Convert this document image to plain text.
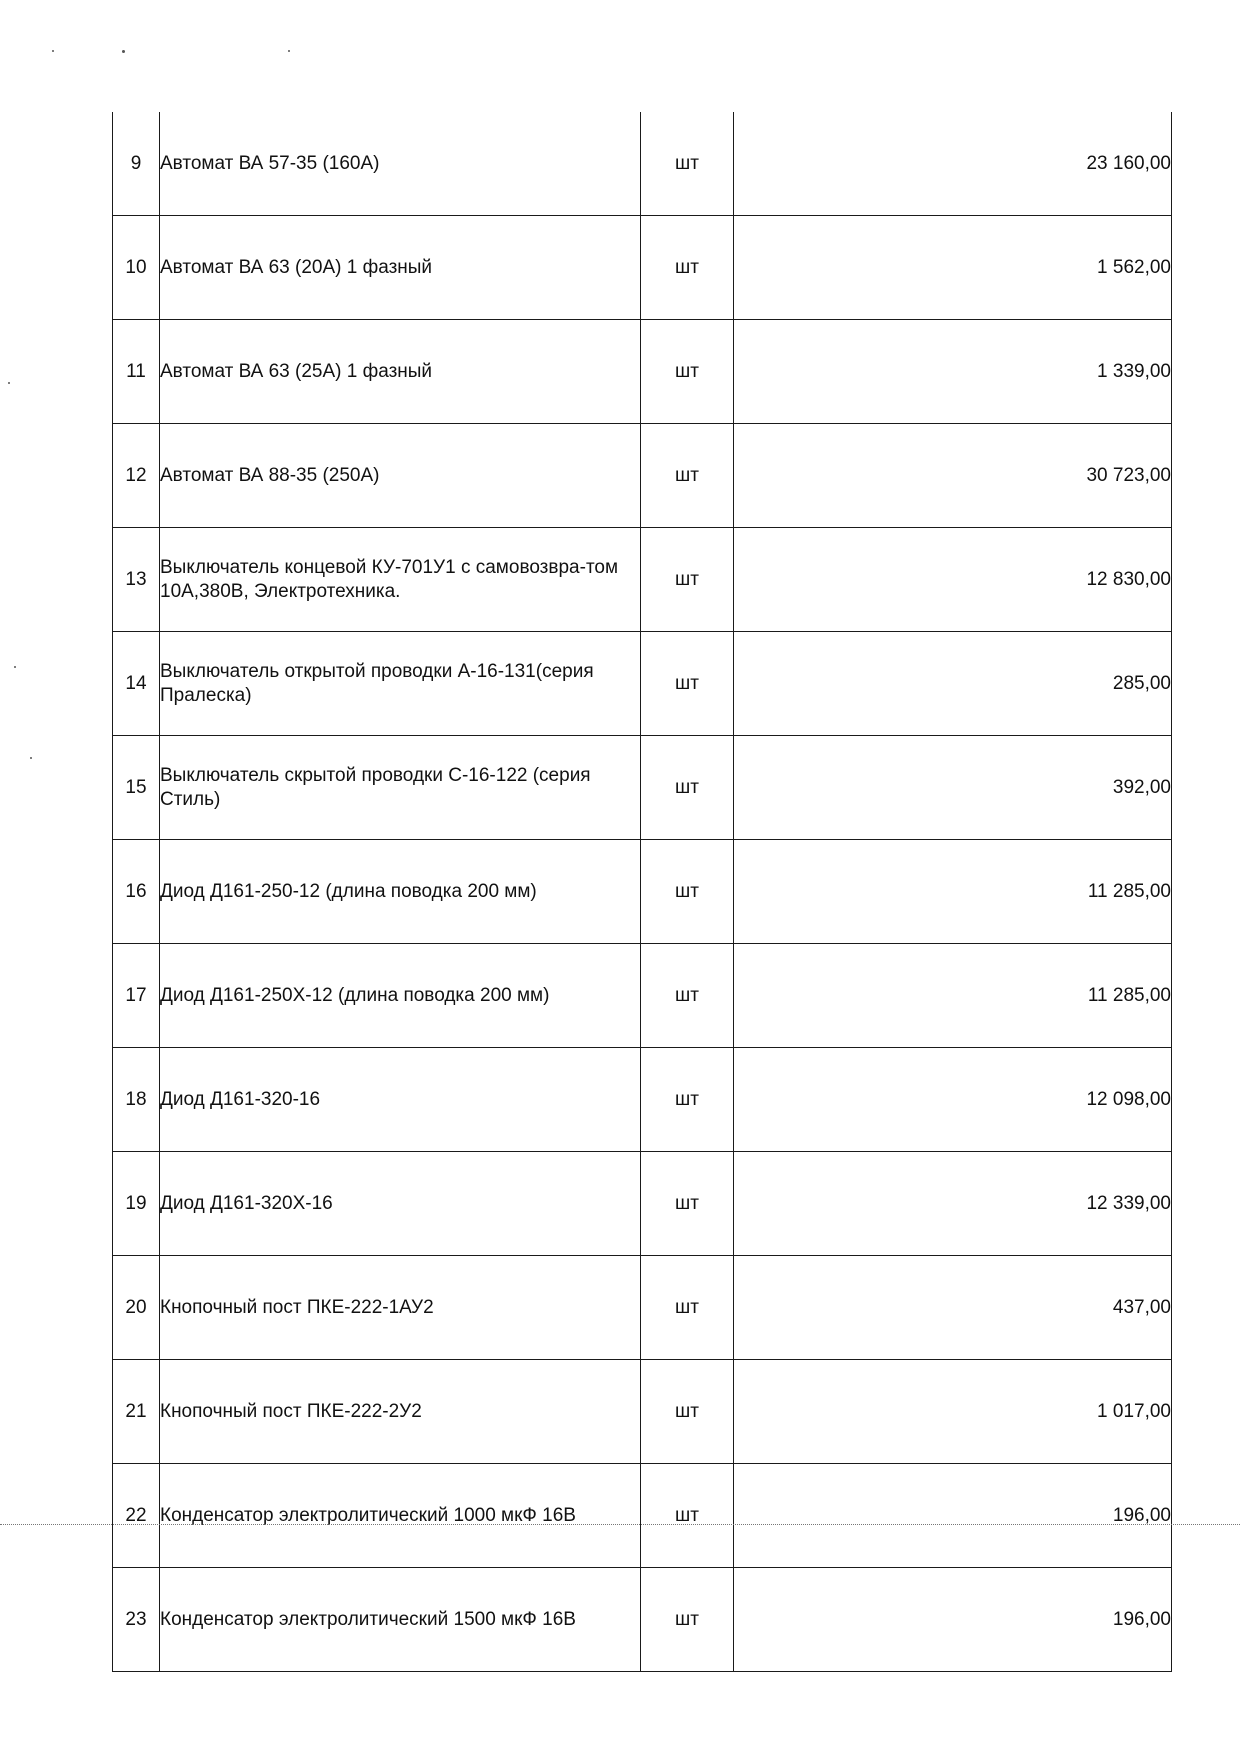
9	Автомат ВА 57-35 (160А)	шт	23 160,00
10	Автомат ВА 63 (20А) 1 фазный	шт	1 562,00
11	Автомат ВА 63 (25А) 1 фазный	шт	1 339,00
12	Автомат ВА 88-35 (250А)	шт	30 723,00
13	Выключатель концевой КУ-701У1 с самовозвра-том 10А,380В, Электротехника.	шт	12 830,00
14	Выключатель открытой проводки А-16-131(серия Пралеска)	шт	285,00
15	Выключатель скрытой проводки С-16-122 (серия Стиль)	шт	392,00
16	Диод Д161-250-12 (длина поводка 200 мм)	шт	11 285,00
17	Диод Д161-250Х-12 (длина поводка 200 мм)	шт	11 285,00
18	Диод Д161-320-16	шт	12 098,00
19	Диод Д161-320Х-16	шт	12 339,00
20	Кнопочный пост ПКЕ-222-1АУ2	шт	437,00
21	Кнопочный пост ПКЕ-222-2У2	шт	1 017,00
22	Конденсатор электролитический 1000 мкФ 16В	шт	196,00
23	Конденсатор электролитический 1500 мкФ 16В	шт	196,00
